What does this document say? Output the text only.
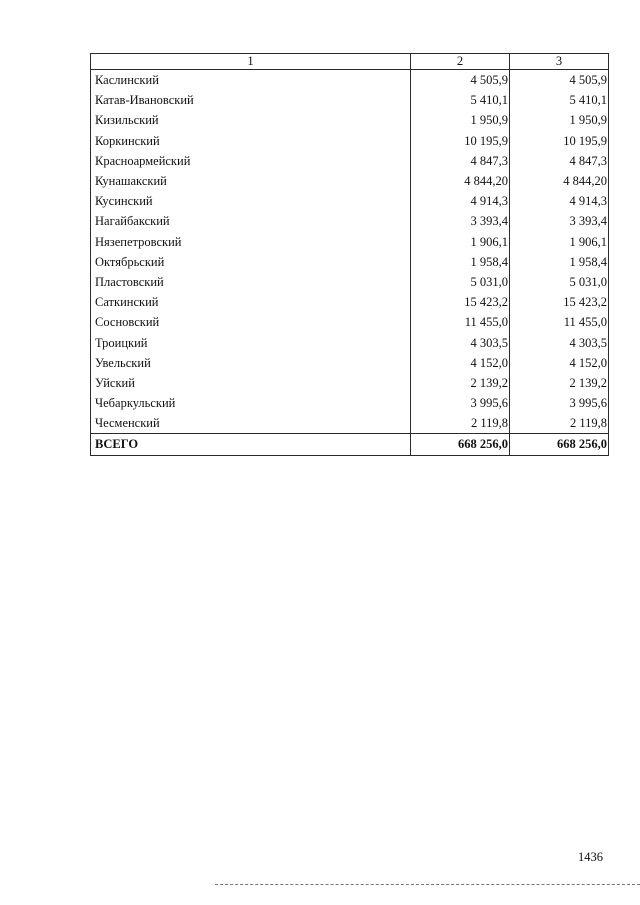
1	2	3
Каслинский	4 505,9	4 505,9
Катав-Ивановский	5 410,1	5 410,1
Кизильский	1 950,9	1 950,9
Коркинский	10 195,9	10 195,9
Красноармейский	4 847,3	4 847,3
Кунашакский	4 844,20	4 844,20
Кусинский	4 914,3	4 914,3
Нагайбакский	3 393,4	3 393,4
Нязепетровский	1 906,1	1 906,1
Октябрьский	1 958,4	1 958,4
Пластовский	5 031,0	5 031,0
Саткинский	15 423,2	15 423,2
Сосновский	11 455,0	11 455,0
Троицкий	4 303,5	4 303,5
Увельский	4 152,0	4 152,0
Уйский	2 139,2	2 139,2
Чебаркульский	3 995,6	3 995,6
Чесменский	2 119,8	2 119,8
ВСЕГО	668 256,0	668 256,0
1436
